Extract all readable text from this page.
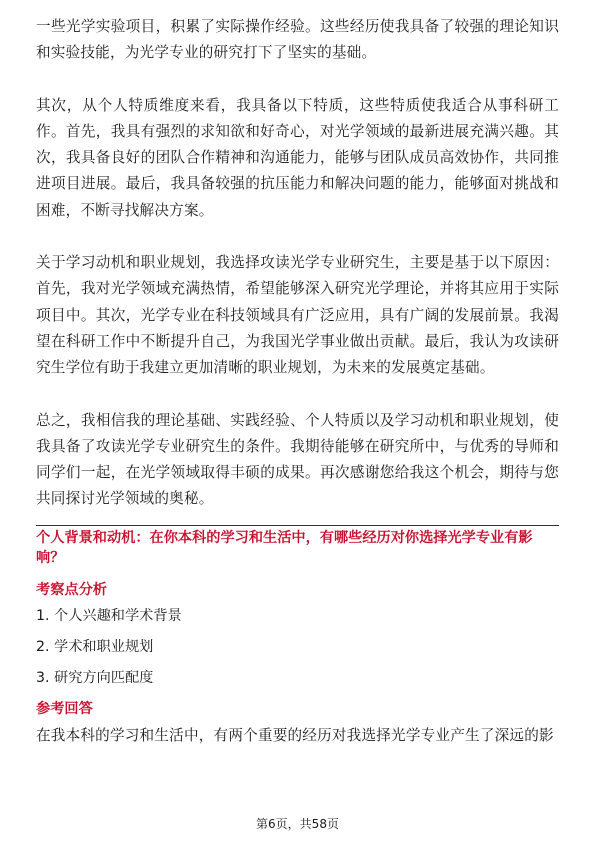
一些光学实验项目，积累了实际操作经验。这些经历使我具备了较强的理论知识和实验技能，为光学专业的研究打下了坚实的基础。

其次，从个人特质维度来看，我具备以下特质，这些特质使我适合从事科研工作。首先，我具有强烈的求知欲和好奇心，对光学领域的最新进展充满兴趣。其次，我具备良好的团队合作精神和沟通能力，能够与团队成员高效协作，共同推进项目进展。最后，我具备较强的抗压能力和解决问题的能力，能够面对挑战和困难，不断寻找解决方案。

关于学习动机和职业规划，我选择攻读光学专业研究生，主要是基于以下原因：首先，我对光学领域充满热情，希望能够深入研究光学理论，并将其应用于实际项目中。其次，光学专业在科技领域具有广泛应用，具有广阔的发展前景。我渴望在科研工作中不断提升自己，为我国光学事业做出贡献。最后，我认为攻读研究生学位有助于我建立更加清晰的职业规划，为未来的发展奠定基础。

总之，我相信我的理论基础、实践经验、个人特质以及学习动机和职业规划，使我具备了攻读光学专业研究生的条件。我期待能够在研究所中，与优秀的导师和同学们一起，在光学领域取得丰硕的成果。再次感谢您给我这个机会，期待与您共同探讨光学领域的奥秘。

个人背景和动机：在你本科的学习和生活中，有哪些经历对你选择光学专业有影响？
考察点分析
1. 个人兴趣和学术背景
2. 学术和职业规划
3. 研究方向匹配度
参考回答

在我本科的学习和生活中，有两个重要的经历对我选择光学专业产生了深远的影

第6页，共58页
